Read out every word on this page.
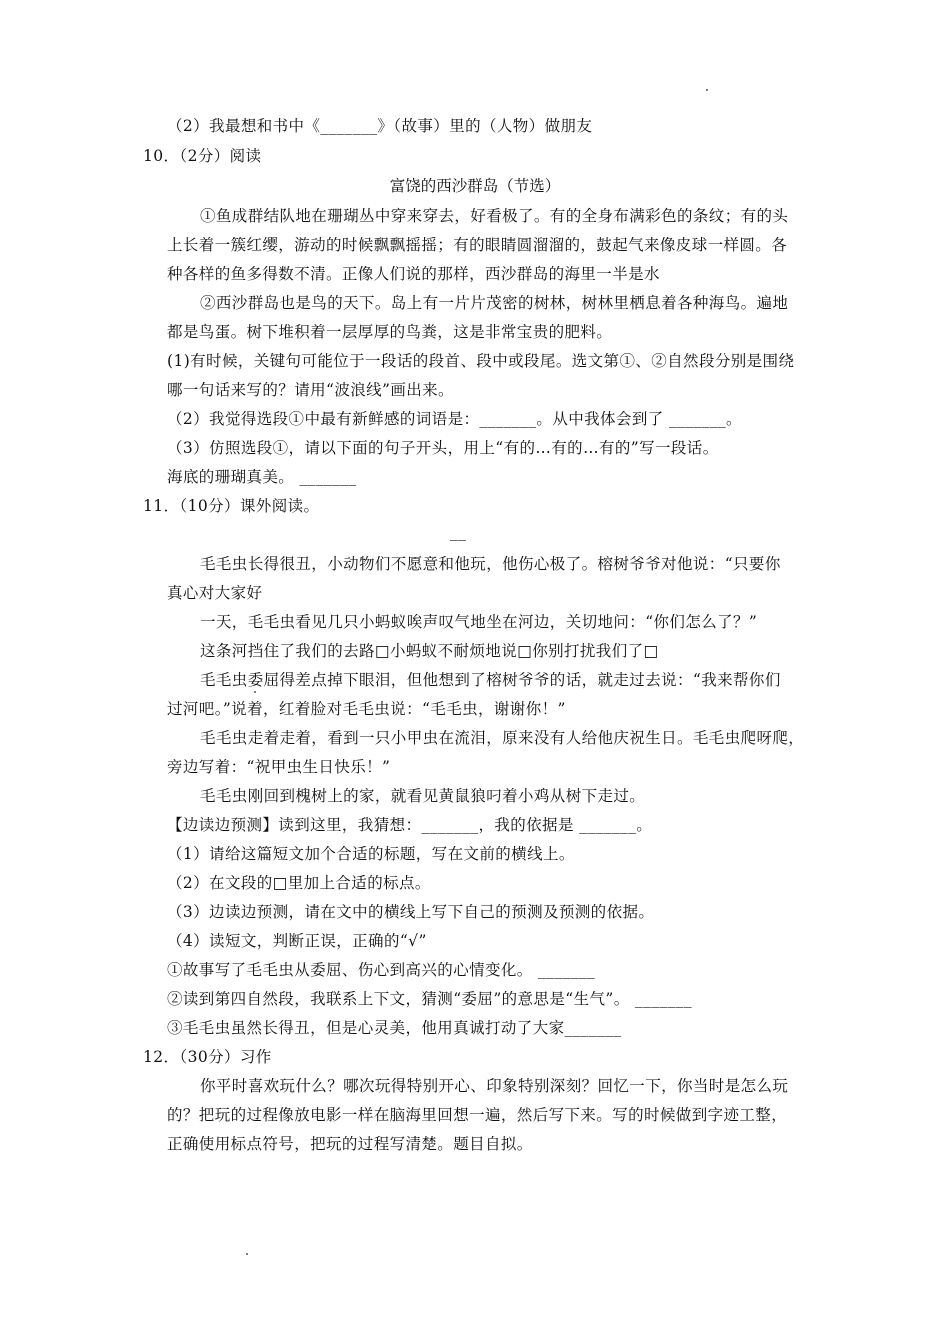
（2）我最想和书中《_______》（故事）里的（人物）做朋友
10．（2分）阅读
富饶的西沙群岛（节选）
①鱼成群结队地在珊瑚丛中穿来穿去，好看极了。有的全身布满彩色的条纹；有的头
上长着一簇红缨，游动的时候飘飘摇摇；有的眼睛圆溜溜的，鼓起气来像皮球一样圆。各
种各样的鱼多得数不清。正像人们说的那样，西沙群岛的海里一半是水
②西沙群岛也是鸟的天下。岛上有一片片茂密的树林，树林里栖息着各种海鸟。遍地
都是鸟蛋。树下堆积着一层厚厚的鸟粪，这是非常宝贵的肥料。
(1)有时候，关键句可能位于一段话的段首、段中或段尾。选文第①、②自然段分别是围绕
哪一句话来写的？请用“波浪线”画出来。
（2）我觉得选段①中最有新鲜感的词语是：_______。从中我体会到了 _______。
（3）仿照选段①，请以下面的句子开头，用上“有的…有的…有的”写一段话。
海底的珊瑚真美。 _______
11．（10分）课外阅读。
__
毛毛虫长得很丑，小动物们不愿意和他玩，他伤心极了。榕树爷爷对他说：“只要你
真心对大家好
一天，毛毛虫看见几只小蚂蚁唉声叹气地坐在河边，关切地问：“你们怎么了？”
这条河挡住了我们的去路□小蚂蚁不耐烦地说□你别打扰我们了□
毛毛虫委屈得差点掉下眼泪，但他想到了榕树爷爷的话，就走过去说：“我来帮你们
过河吧。”说着，红着脸对毛毛虫说：“毛毛虫，谢谢你！”
毛毛虫走着走着，看到一只小甲虫在流泪，原来没有人给他庆祝生日。毛毛虫爬呀爬，
旁边写着：“祝甲虫生日快乐！”
毛毛虫刚回到槐树上的家，就看见黄鼠狼叼着小鸡从树下走过。
【边读边预测】读到这里，我猜想：_______，我的依据是 _______。
（1）请给这篇短文加个合适的标题，写在文前的横线上。
（2）在文段的□里加上合适的标点。
（3）边读边预测，请在文中的横线上写下自己的预测及预测的依据。
（4）读短文，判断正误，正确的“√”
①故事写了毛毛虫从委屈、伤心到高兴的心情变化。 _______
②读到第四自然段，我联系上下文，猜测“委屈”的意思是“生气”。 _______
③毛毛虫虽然长得丑，但是心灵美，他用真诚打动了大家_______
12．（30分）习作
你平时喜欢玩什么？哪次玩得特别开心、印象特别深刻？回忆一下，你当时是怎么玩
的？把玩的过程像放电影一样在脑海里回想一遍，然后写下来。写的时候做到字迹工整，
正确使用标点符号，把玩的过程写清楚。题目自拟。
